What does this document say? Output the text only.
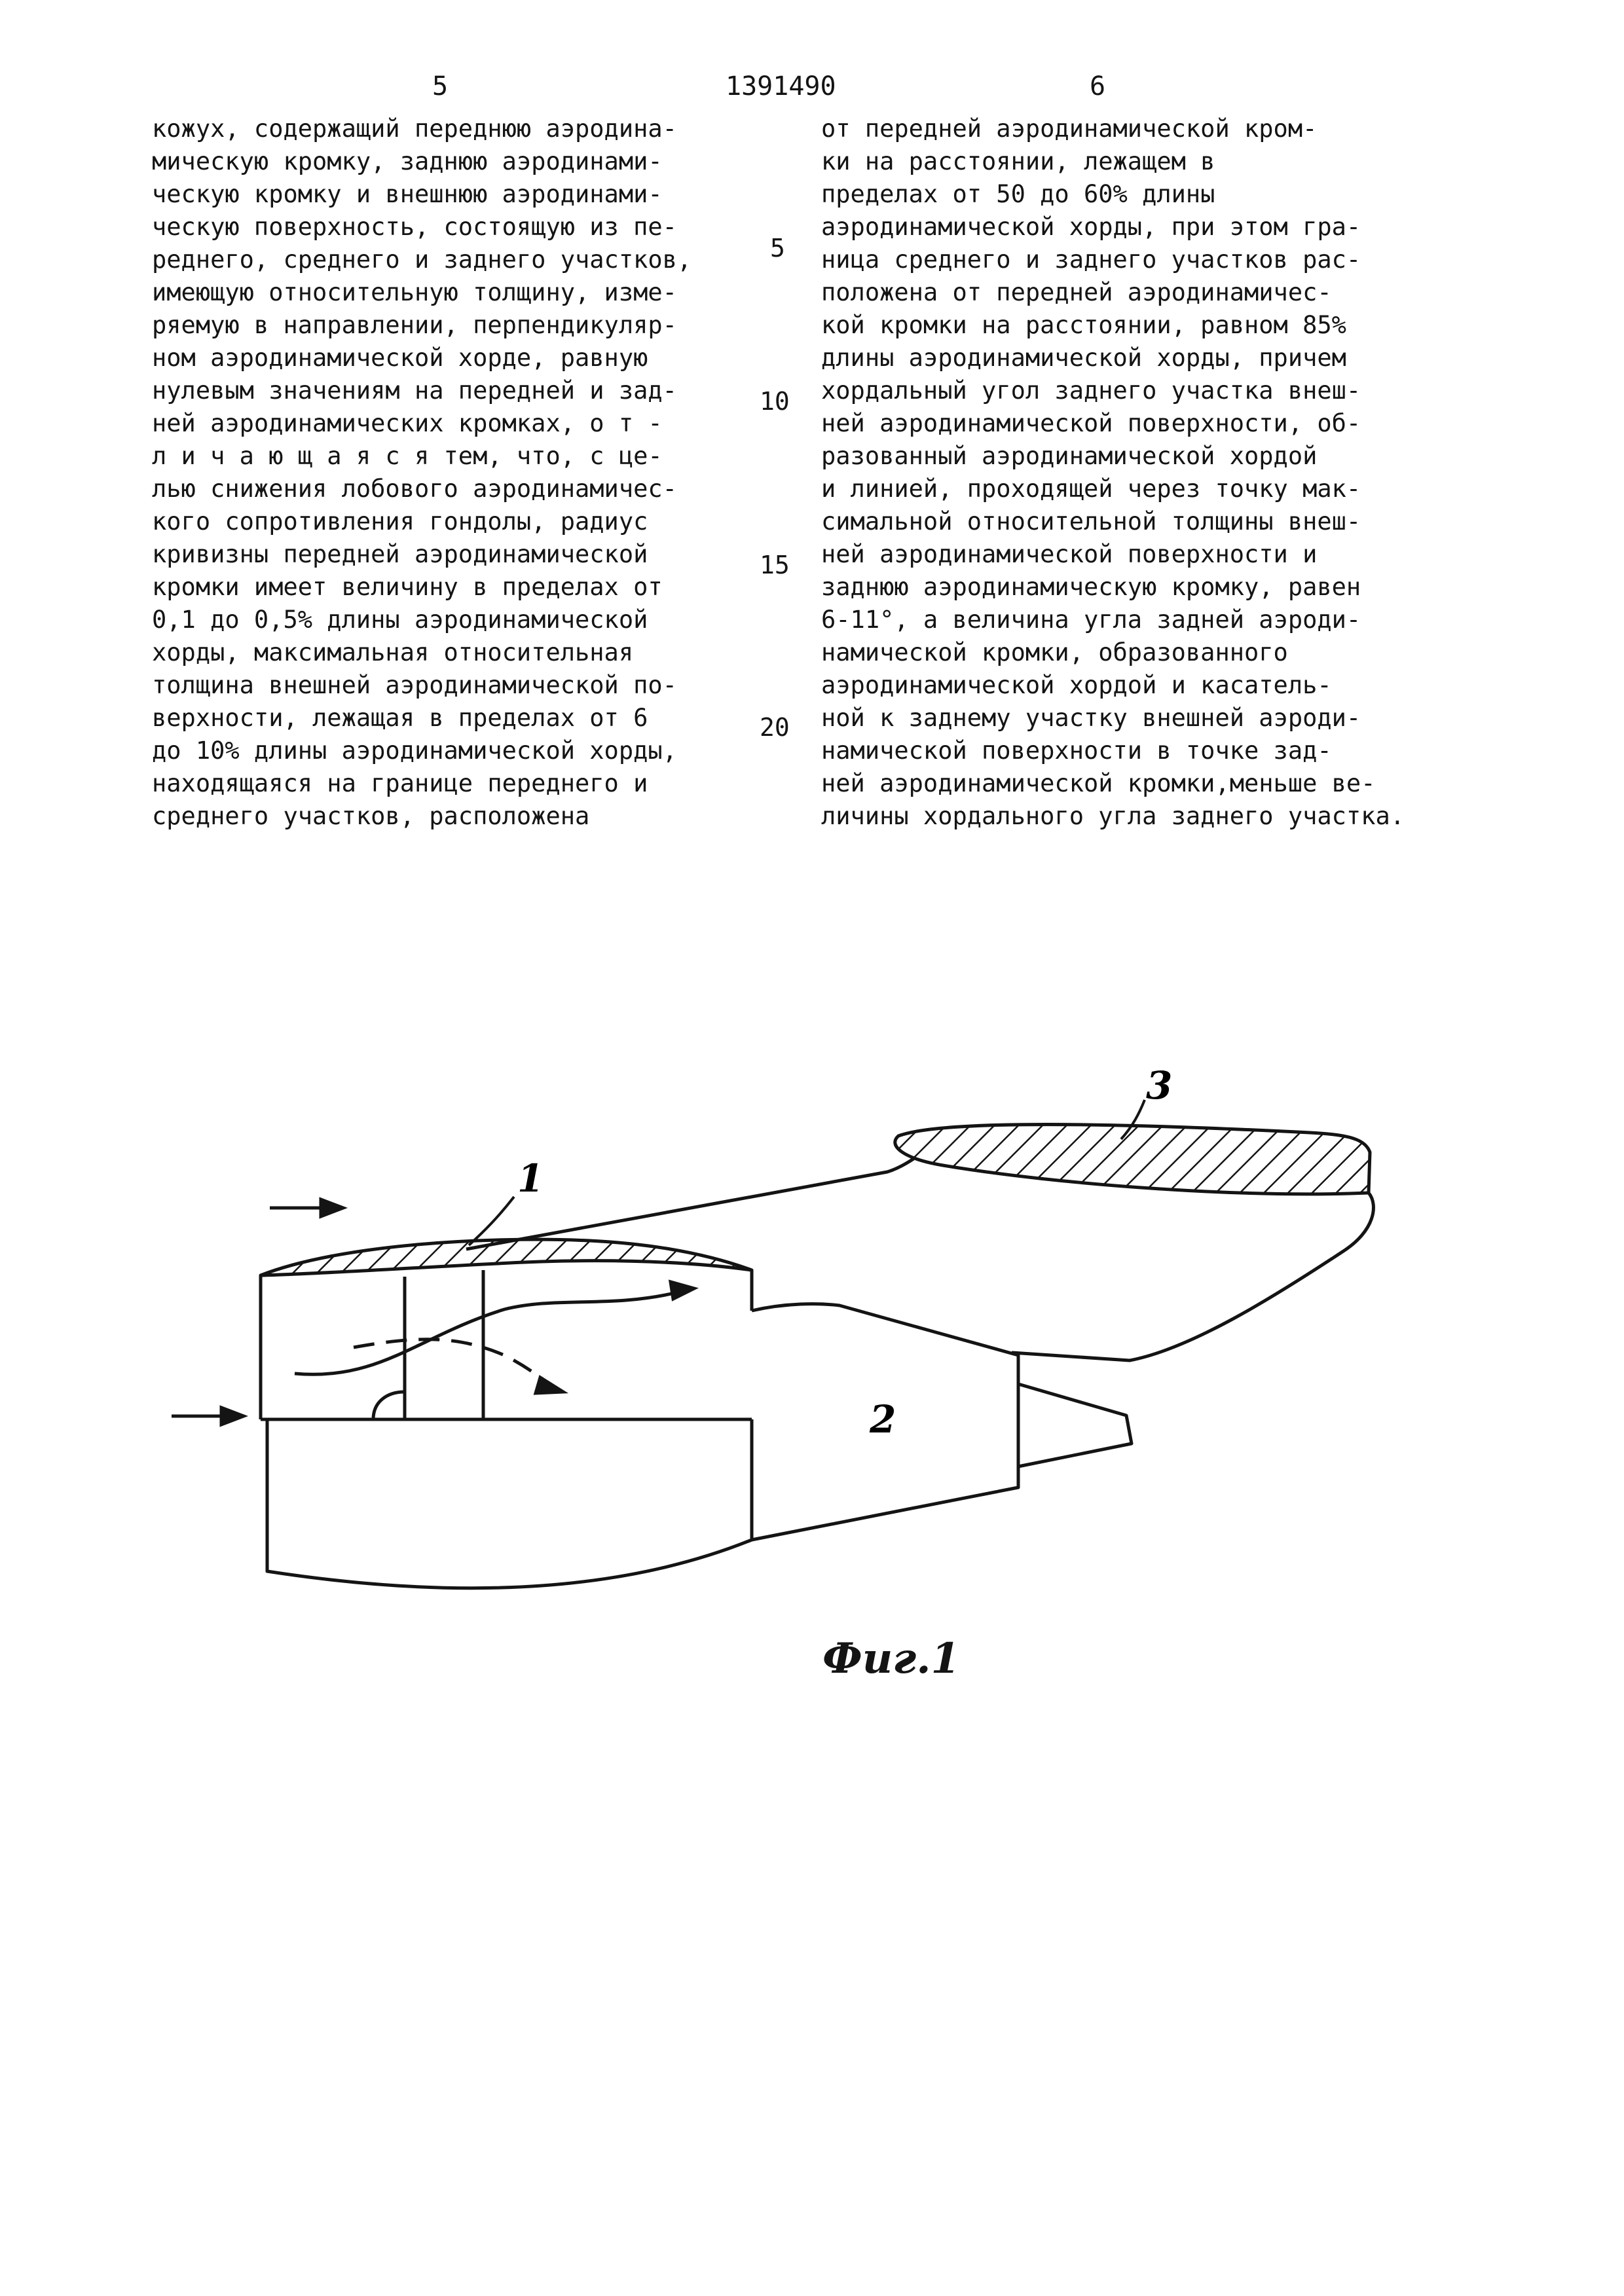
5	1391490	6
кожух, содержащий переднюю аэродина-
мическую кромку, заднюю аэродинами-
ческую кромку и внешнюю аэродинами-
ческую поверхность, состоящую из пе-
реднего, среднего и заднего участков,
имеющую относительную толщину, изме-
ряемую в направлении, перпендикуляр-
ном аэродинамической хорде, равную
нулевым значениям на передней и зад-
ней аэродинамических кромках, о т -
л и ч а ю щ а я с я тем, что, с це-
лью снижения лобового аэродинамичес-
кого сопротивления гондолы, радиус
кривизны передней аэродинамической
кромки имеет величину в пределах от
0,1 до 0,5% длины аэродинамической
хорды, максимальная относительная
толщина внешней аэродинамической по-
верхности, лежащая в пределах от 6
до 10% длины аэродинамической хорды,
находящаяся на границе переднего и
среднего участков, расположена
от передней аэродинамической кром-
ки на расстоянии, лежащем в
пределах от 50 до 60% длины
аэродинамической хорды, при этом гра-
ница среднего и заднего участков рас-
положена от передней аэродинамичес-
кой кромки на расстоянии, равном 85%
длины аэродинамической хорды, причем
хордальный угол заднего участка внеш-
ней аэродинамической поверхности, об-
разованный аэродинамической хордой
и линией, проходящей через точку мак-
симальной относительной толщины внеш-
ней аэродинамической поверхности и
заднюю аэродинамическую кромку, равен
6-11°, а величина угла задней аэроди-
намической кромки, образованного
аэродинамической хордой и касатель-
ной к заднему участку внешней аэроди-
намической поверхности в точке зад-
ней аэродинамической кромки,меньше ве-
личины хордального угла заднего участка.
5
10
15
20
1
2
3
Фиг.1
